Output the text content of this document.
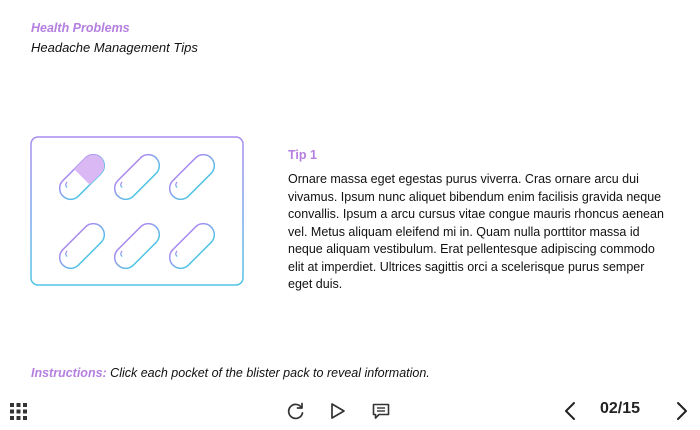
Health Problems
Headache Management Tips
Tip 1
Ornare massa eget egestas purus viverra. Cras ornare arcu dui vivamus. Ipsum nunc aliquet bibendum enim facilisis gravida neque convallis. Ipsum a arcu cursus vitae congue mauris rhoncus aenean vel. Metus aliquam eleifend mi in. Quam nulla porttitor massa id neque aliquam vestibulum. Erat pellentesque adipiscing commodo elit at imperdiet. Ultrices sagittis orci a scelerisque purus semper eget duis.
Instructions: Click each pocket of the blister pack to reveal information.
02/15
